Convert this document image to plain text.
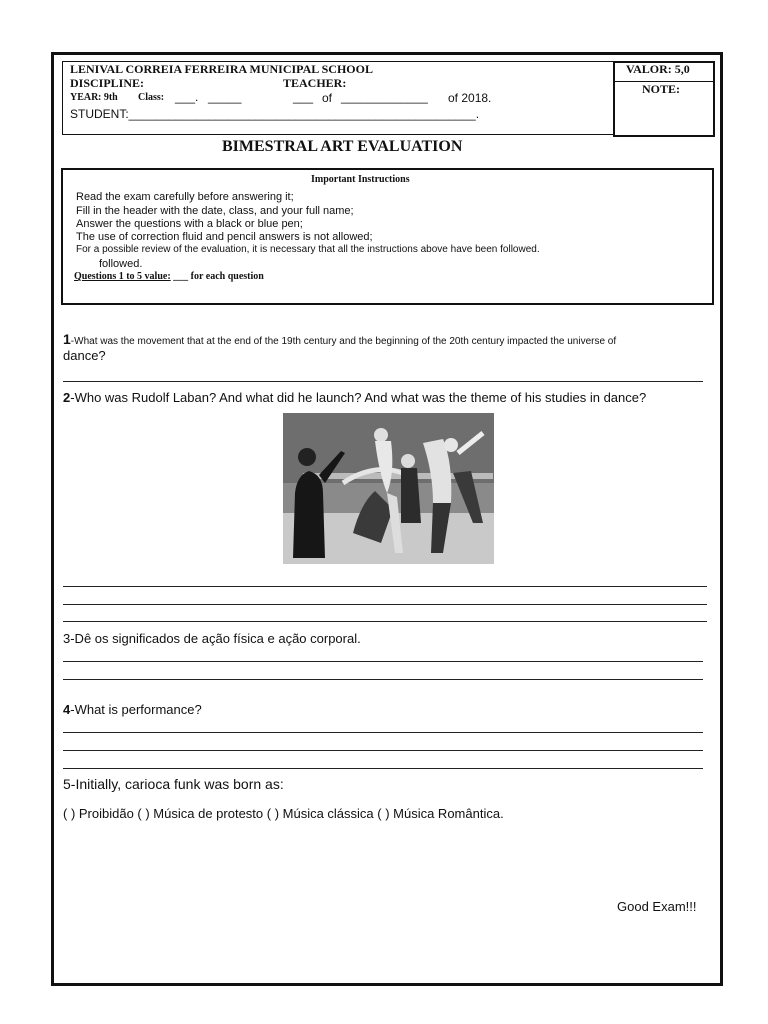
LENIVAL CORREIA FERREIRA MUNICIPAL SCHOOL
DISCIPLINE:	TEACHER:
YEAR : 9th Class: ___. _____	___ of _____________ of 2018.
STUDENT:____________________________________________________.
VALOR: 5,0
NOTE:
BIMESTRAL ART EVALUATION
Important Instructions
Read the exam carefully before answering it;
Fill in the header with the date, class, and your full name;
Answer the questions with a black or blue pen;
The use of correction fluid and pencil answers is not allowed;
For a possible review of the evaluation, it is necessary that all the instructions above have been followed.
followed.
Questions 1 to 5 value: ___ for each question
1-What was the movement that at the end of the 19th century and the beginning of the 20th century impacted the universe of
dance?
2-Who was Rudolf Laban? And what did he launch? And what was the theme of his studies in dance?
3-Dê os significados de ação física e ação corporal.
4-What is performance?
5-Initially, carioca funk was born as:
( ) Proibidão ( ) Música de protesto ( ) Música clássica ( ) Música Romântica.
Good Exam!!!
